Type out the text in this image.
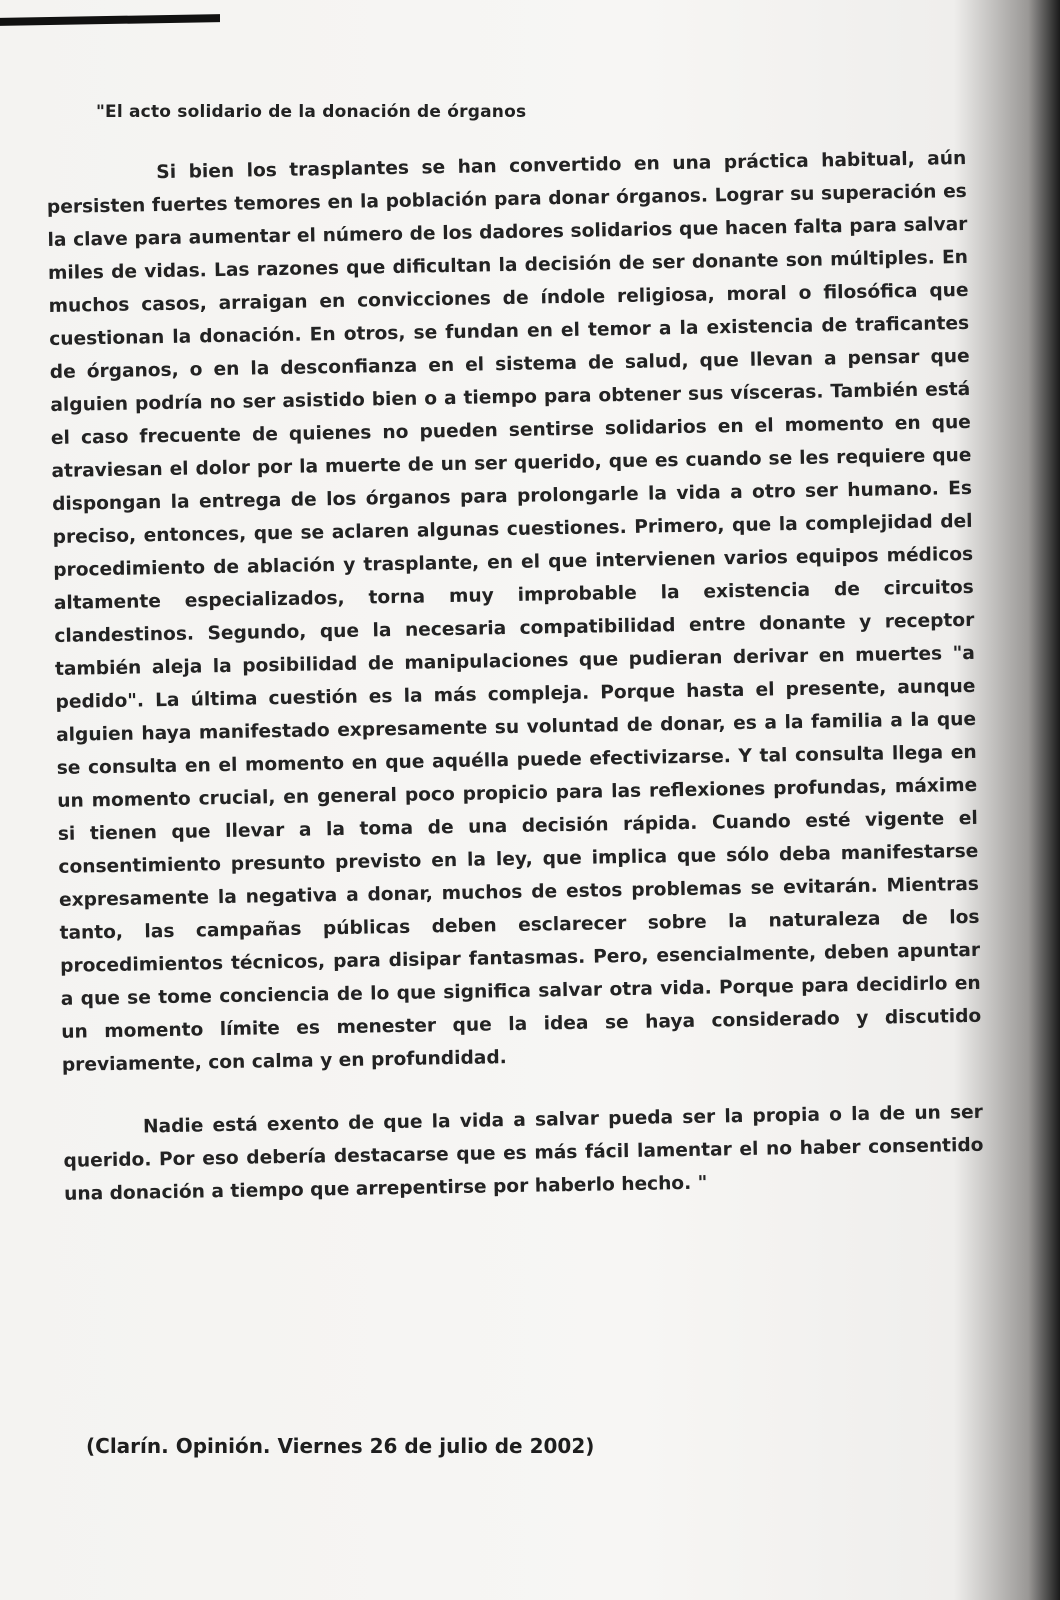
"El acto solidario de la donación de órganos

Si bien los trasplantes se han convertido en una práctica habitual, aún persisten fuertes temores en la población para donar órganos. Lograr su superación es la clave para aumentar el número de los dadores solidarios que hacen falta para salvar miles de vidas. Las razones que dificultan la decisión de ser donante son múltiples. En muchos casos, arraigan en convicciones de índole religiosa, moral o filosófica que cuestionan la donación. En otros, se fundan en el temor a la existencia de traficantes de órganos, o en la desconfianza en el sistema de salud, que llevan a pensar que alguien podría no ser asistido bien o a tiempo para obtener sus vísceras. También está el caso frecuente de quienes no pueden sentirse solidarios en el momento en que atraviesan el dolor por la muerte de un ser querido, que es cuando se les requiere que dispongan la entrega de los órganos para prolongarle la vida a otro ser humano. Es preciso, entonces, que se aclaren algunas cuestiones. Primero, que la complejidad del procedimiento de ablación y trasplante, en el que intervienen varios equipos médicos altamente especializados, torna muy improbable la existencia de circuitos clandestinos. Segundo, que la necesaria compatibilidad entre donante y receptor también aleja la posibilidad de manipulaciones que pudieran derivar en muertes "a pedido". La última cuestión es la más compleja. Porque hasta el presente, aunque alguien haya manifestado expresamente su voluntad de donar, es a la familia a la que se consulta en el momento en que aquélla puede efectivizarse. Y tal consulta llega en un momento crucial, en general poco propicio para las reflexiones profundas, máxime si tienen que llevar a la toma de una decisión rápida. Cuando esté vigente el consentimiento presunto previsto en la ley, que implica que sólo deba manifestarse expresamente la negativa a donar, muchos de estos problemas se evitarán. Mientras tanto, las campañas públicas deben esclarecer sobre la naturaleza de los procedimientos técnicos, para disipar fantasmas. Pero, esencialmente, deben apuntar a que se tome conciencia de lo que significa salvar otra vida. Porque para decidirlo en un momento límite es menester que la idea se haya considerado y discutido previamente, con calma y en profundidad.

Nadie está exento de que la vida a salvar pueda ser la propia o la de un ser querido. Por eso debería destacarse que es más fácil lamentar el no haber consentido una donación a tiempo que arrepentirse por haberlo hecho. "

(Clarín. Opinión. Viernes 26 de julio de 2002)
